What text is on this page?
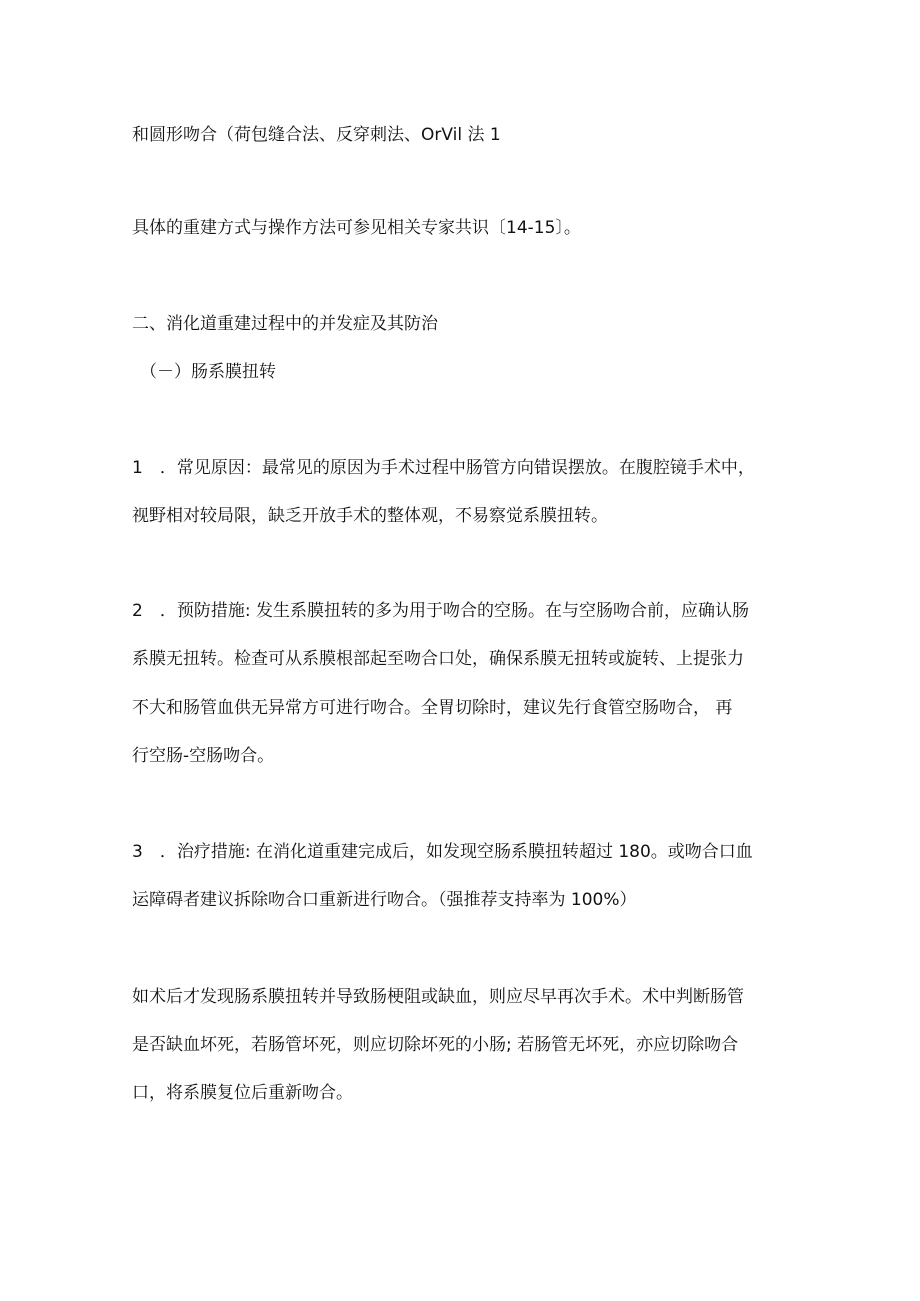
和圆形吻合（荷包缝合法、反穿刺法、OrVil 法 1
具体的重建方式与操作方法可参见相关专家共识〔14-15〕。
二、消化道重建过程中的并发症及其防治
（－）肠系膜扭转
1　．常见原因：最常见的原因为手术过程中肠管方向错误摆放。在腹腔镜手术中，
视野相对较局限，缺乏开放手术的整体观，不易察觉系膜扭转。
2　．预防措施: 发生系膜扭转的多为用于吻合的空肠。在与空肠吻合前，应确认肠
系膜无扭转。检查可从系膜根部起至吻合口处，确保系膜无扭转或旋转、上提张力
不大和肠管血供无异常方可进行吻合。全胃切除时，建议先行食管空肠吻合， 再
行空肠-空肠吻合。
3　．治疗措施: 在消化道重建完成后，如发现空肠系膜扭转超过 180。或吻合口血
运障碍者建议拆除吻合口重新进行吻合。（强推荐支持率为 100%）
如术后才发现肠系膜扭转并导致肠梗阻或缺血，则应尽早再次手术。术中判断肠管
是否缺血坏死，若肠管坏死，则应切除坏死的小肠; 若肠管无坏死，亦应切除吻合
口，将系膜复位后重新吻合。
